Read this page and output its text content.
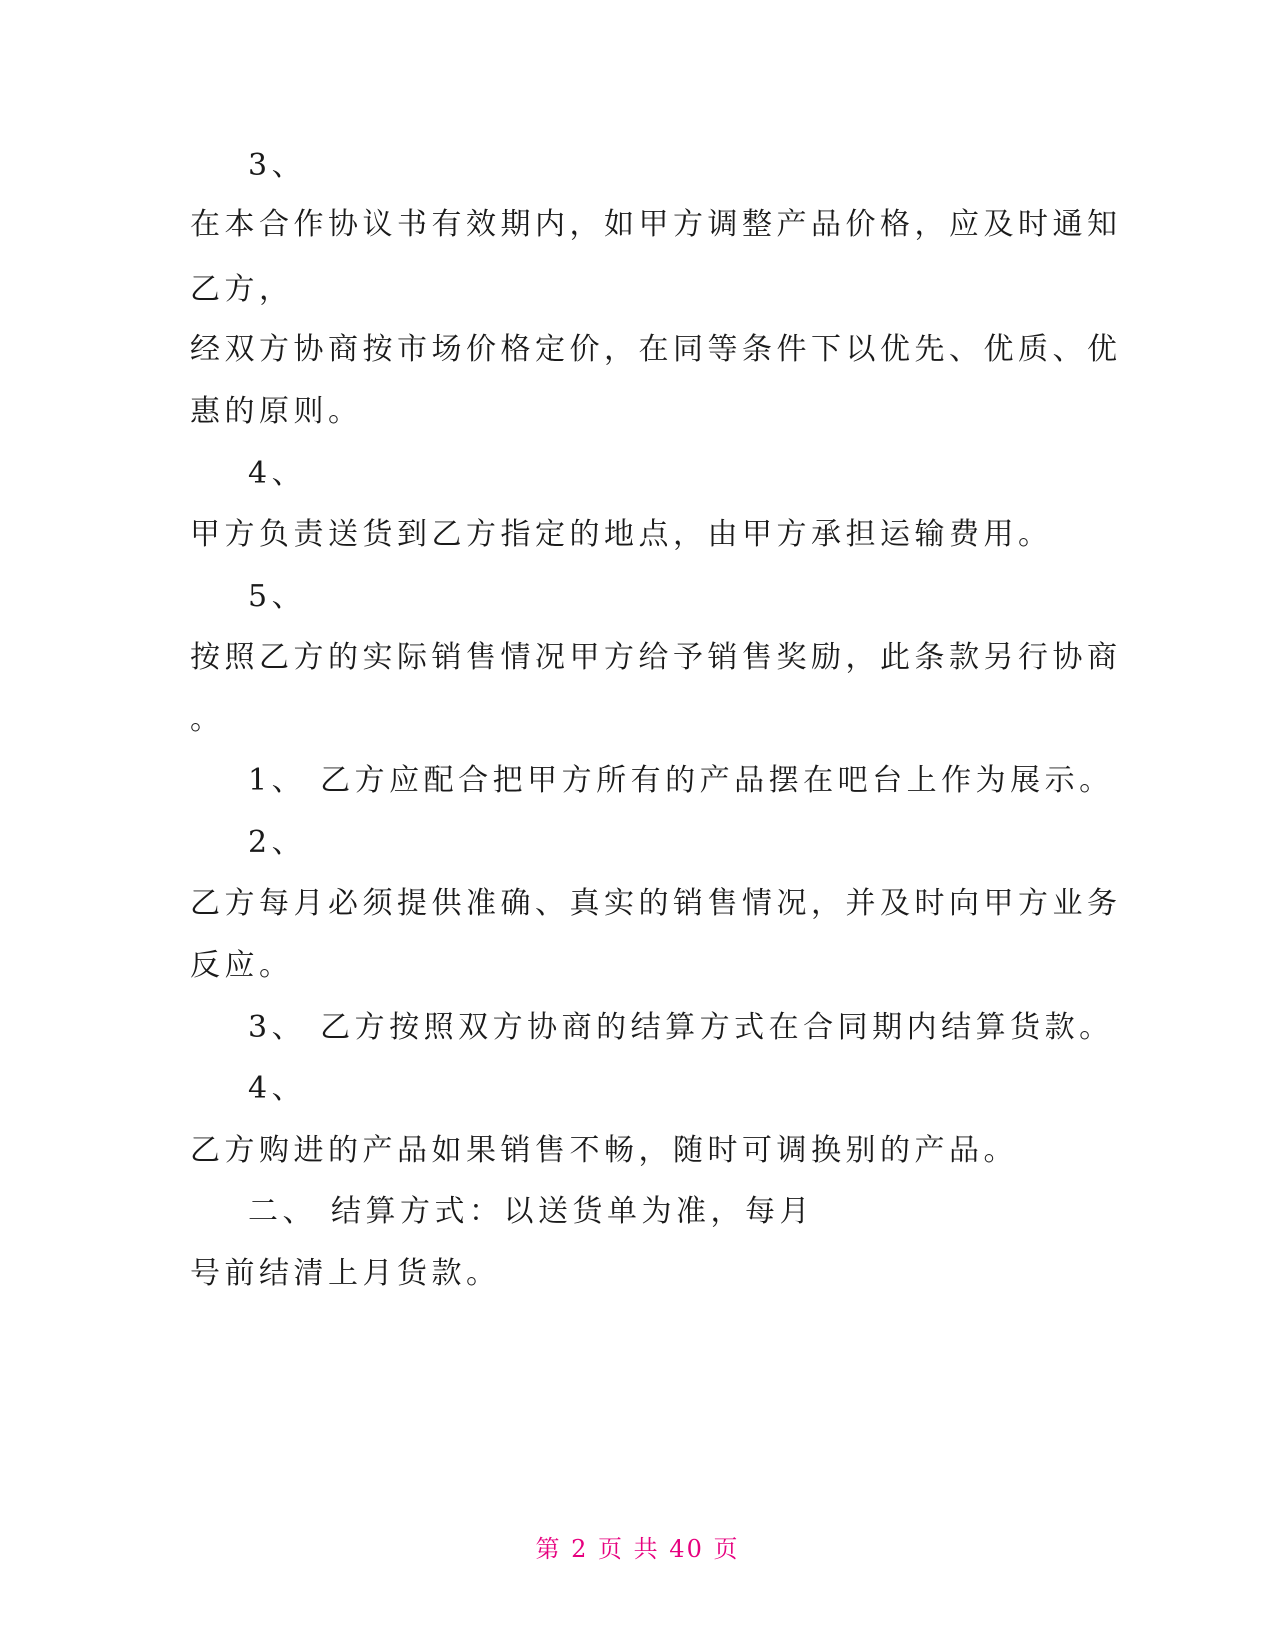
3、
在本合作协议书有效期内，如甲方调整产品价格，应及时通知
乙方，
经双方协商按市场价格定价，在同等条件下以优先、优质、优
惠的原则。
4、
甲方负责送货到乙方指定的地点，由甲方承担运输费用。
5、
按照乙方的实际销售情况甲方给予销售奖励，此条款另行协商
。
1、 乙方应配合把甲方所有的产品摆在吧台上作为展示。
2、
乙方每月必须提供准确、真实的销售情况，并及时向甲方业务
反应。
3、 乙方按照双方协商的结算方式在合同期内结算货款。
4、
乙方购进的产品如果销售不畅，随时可调换别的产品。
二、 结算方式：以送货单为准，每月
号前结清上月货款。
第 2 页 共 40 页
